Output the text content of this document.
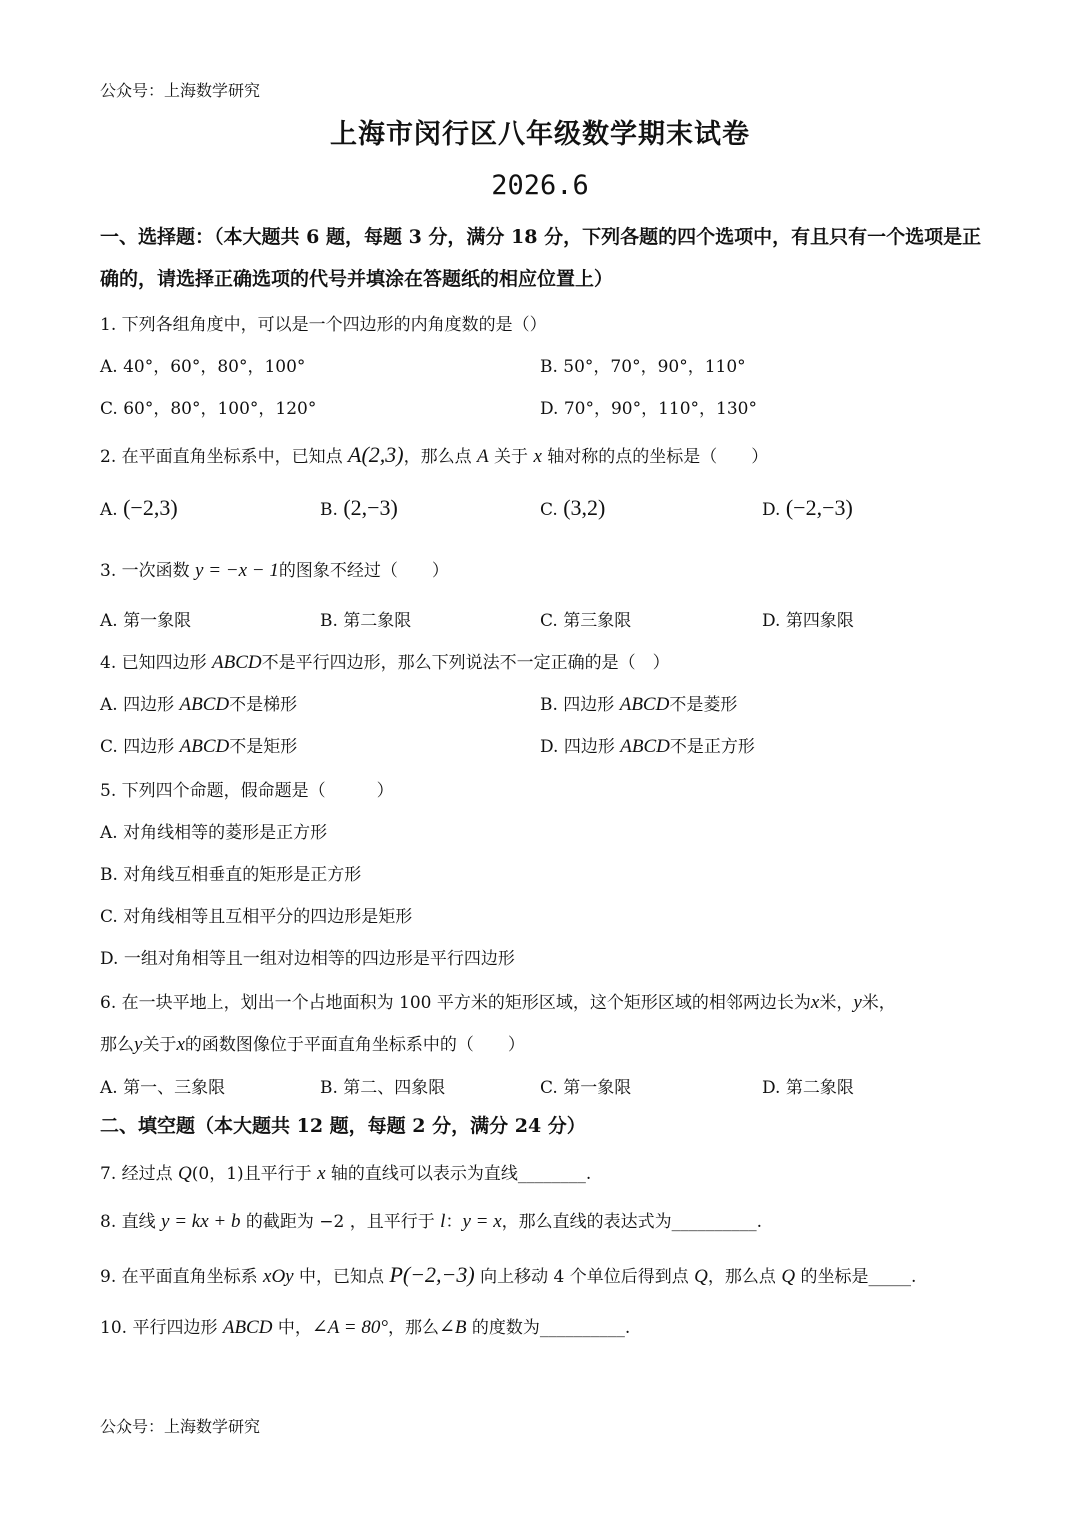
公众号：上海数学研究
上海市闵行区八年级数学期末试卷
2026.6
一、选择题：（本大题共 6 题，每题 3 分，满分 18 分，下列各题的四个选项中，有且只有一个选项是正确的，请选择正确选项的代号并填涂在答题纸的相应位置上）
1. 下列各组角度中，可以是一个四边形的内角度数的是（）
A. 40°，60°，80°，100°	B. 50°，70°，90°，110°
C. 60°，80°，100°，120°	D. 70°，90°，110°，130°
2. 在平面直角坐标系中，已知点 A(2,3)，那么点 A 关于 x 轴对称的点的坐标是（　　）
A. (−2,3)	B. (2,−3)	C. (3,2)	D. (−2,−3)
3. 一次函数 y = −x − 1的图象不经过（　　）
A. 第一象限	B. 第二象限	C. 第三象限	D. 第四象限
4. 已知四边形 ABCD不是平行四边形，那么下列说法不一定正确的是（　）
A. 四边形 ABCD不是梯形	B. 四边形 ABCD不是菱形
C. 四边形 ABCD不是矩形	D. 四边形 ABCD不是正方形
5. 下列四个命题，假命题是（　　　）
A. 对角线相等的菱形是正方形
B. 对角线互相垂直的矩形是正方形
C. 对角线相等且互相平分的四边形是矩形
D. 一组对角相等且一组对边相等的四边形是平行四边形
6. 在一块平地上，划出一个占地面积为 100 平方米的矩形区域，这个矩形区域的相邻两边长为x米，y米，
那么y关于x的函数图像位于平面直角坐标系中的（　　）
A. 第一、三象限	B. 第二、四象限	C. 第一象限	D. 第二象限
二、填空题（本大题共 12 题，每题 2 分，满分 24 分）
7. 经过点 Q(0，1)且平行于 x 轴的直线可以表示为直线________.
8. 直线 y = kx + b 的截距为 −2 ，且平行于 l：y = x，那么直线的表达式为__________.
9. 在平面直角坐标系 xOy 中，已知点 P(−2,−3) 向上移动 4 个单位后得到点 Q，那么点 Q 的坐标是_____.
10. 平行四边形 ABCD 中，∠A = 80°，那么∠B 的度数为__________.
公众号：上海数学研究
